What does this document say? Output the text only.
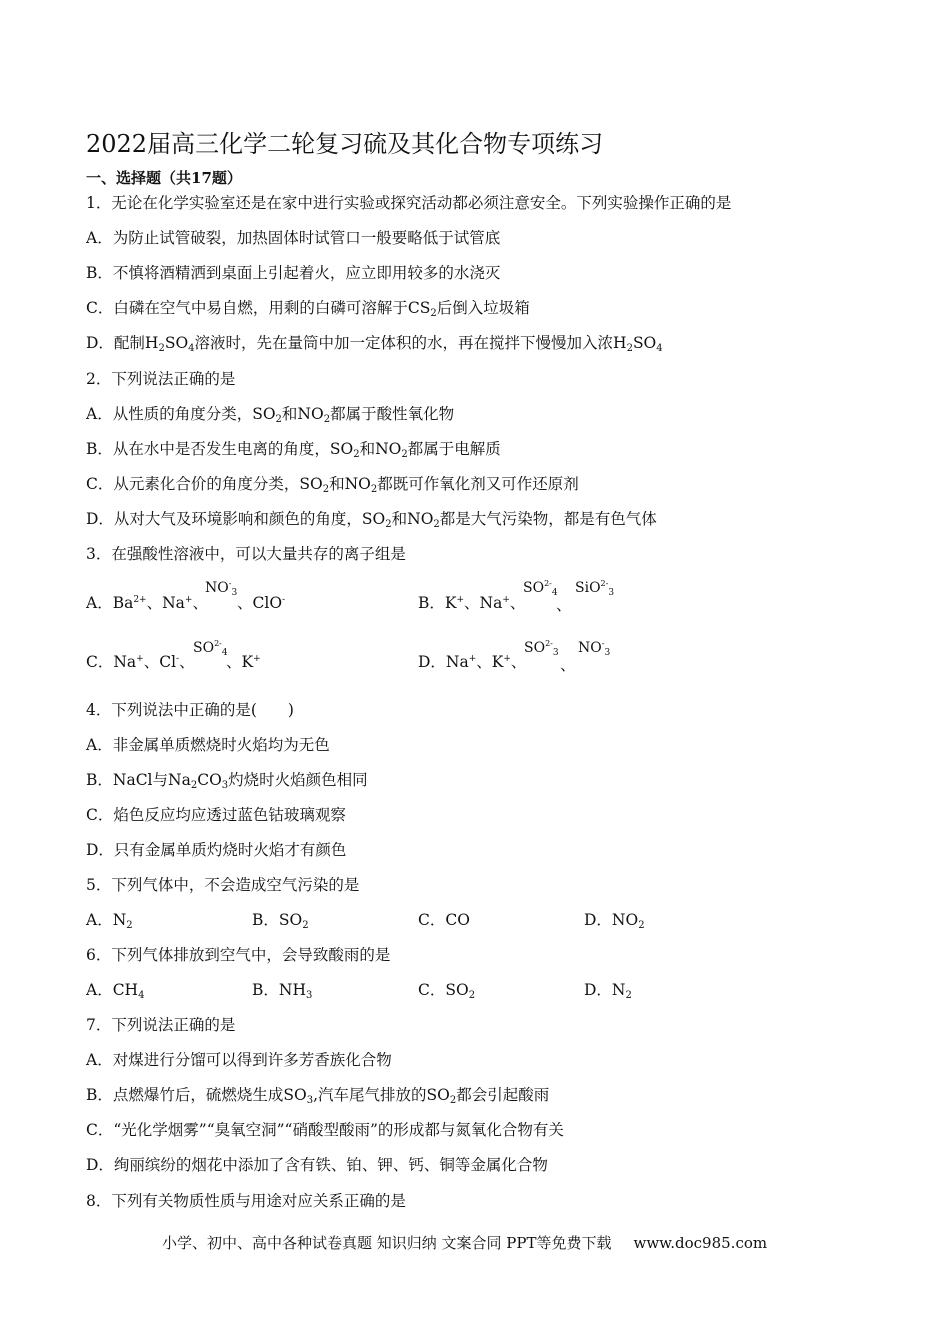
2022届高三化学二轮复习硫及其化合物专项练习
一、选择题（共17题）
1．无论在化学实验室还是在家中进行实验或探究活动都必须注意安全。下列实验操作正确的是
A．为防止试管破裂，加热固体时试管口一般要略低于试管底
B．不慎将酒精洒到桌面上引起着火，应立即用较多的水浇灭
C．白磷在空气中易自燃，用剩的白磷可溶解于$CS_2$后倒入垃圾箱
D．配制$H_2SO_4$溶液时，先在量筒中加一定体积的水，再在搅拌下慢慢加入浓$H_2SO_4$
2．下列说法正确的是
A．从性质的角度分类，$SO_2$和$NO_2$都属于酸性氧化物
B．从在水中是否发生电离的角度，$SO_2$和$NO_2$都属于电解质
C．从元素化合价的角度分类，$SO_2$和$NO_2$都既可作氧化剂又可作还原剂
D．从对大气及环境影响和颜色的角度，$SO_2$和$NO_2$都是大气污染物，都是有色气体
3．在强酸性溶液中，可以大量共存的离子组是
A．$Ba^{2+}$、Na+、
$NO^-_3$
、ClO-	B．K+、Na+、
$SO^{2-}_4$
、
SiO$^{2-}_3$
C．Na+、Cl-、
$SO^{2-}_4$
、K+	D．Na+、K+、
$SO^{2-}_3$
、
$NO^-_3$
4．下列说法中正确的是(　　)
A．非金属单质燃烧时火焰均为无色
B．NaCl与$Na_2CO_3$灼烧时火焰颜色相同
C．焰色反应均应透过蓝色钴玻璃观察
D．只有金属单质灼烧时火焰才有颜色
5．下列气体中，不会造成空气污染的是
A．$N_2$	B．$SO_2$	C．CO	D．$NO_2$
6．下列气体排放到空气中，会导致酸雨的是
A．$CH_4$	B．$NH_3$	C．$SO_2$	D．$N_2$
7．下列说法正确的是
A．对煤进行分馏可以得到许多芳香族化合物
B．点燃爆竹后，硫燃烧生成$SO_3$,汽车尾气排放的$SO_2$都会引起酸雨
C．“光化学烟雾”“臭氧空洞”“硝酸型酸雨”的形成都与氮氧化合物有关
D．绚丽缤纷的烟花中添加了含有铁、铂、钾、钙、铜等金属化合物
8．下列有关物质性质与用途对应关系正确的是
小学、初中、高中各种试卷真题 知识归纳 文案合同 PPT等免费下载 www.doc985.com
